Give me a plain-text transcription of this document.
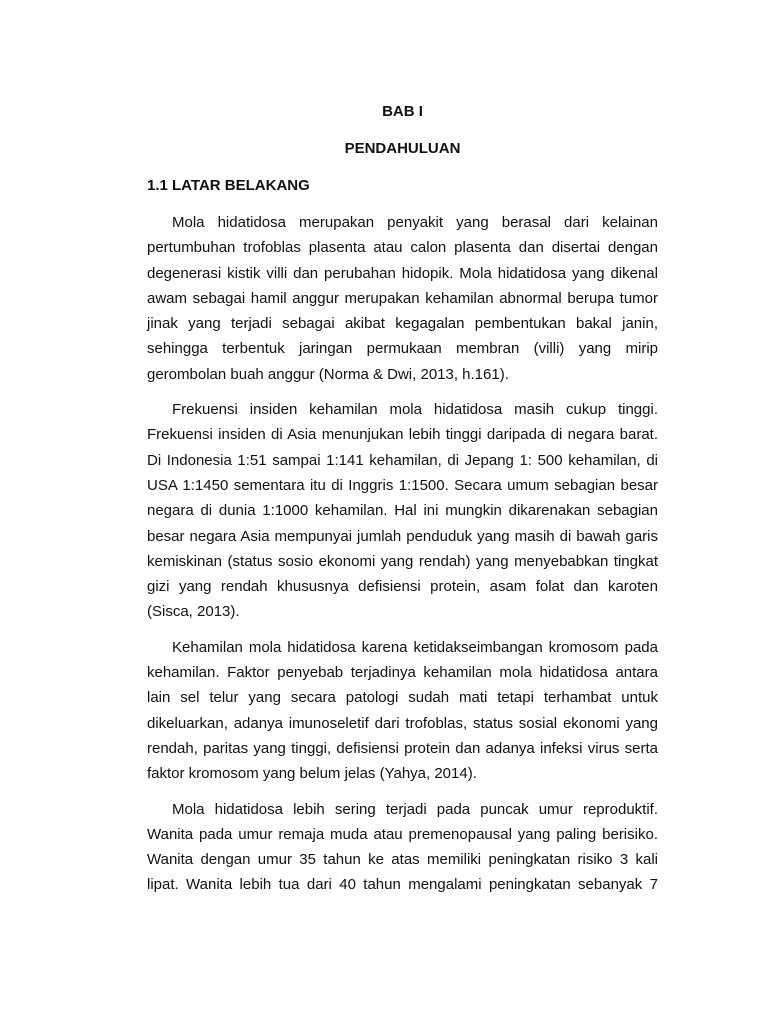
BAB I

PENDAHULUAN

1.1 LATAR BELAKANG

Mola hidatidosa merupakan penyakit yang berasal dari kelainan
pertumbuhan trofoblas plasenta atau calon plasenta dan disertai dengan
degenerasi kistik villi dan perubahan hidopik. Mola hidatidosa yang dikenal
awam sebagai hamil anggur merupakan kehamilan abnormal berupa tumor
jinak yang terjadi sebagai akibat kegagalan pembentukan bakal janin,
sehingga terbentuk jaringan permukaan membran (villi) yang mirip
gerombolan buah anggur (Norma & Dwi, 2013, h.161).
Frekuensi insiden kehamilan mola hidatidosa masih cukup tinggi.
Frekuensi insiden di Asia menunjukan lebih tinggi daripada di negara barat.
Di Indonesia 1:51 sampai 1:141 kehamilan, di Jepang 1: 500 kehamilan, di
USA 1:1450 sementara itu di Inggris 1:1500. Secara umum sebagian besar
negara di dunia 1:1000 kehamilan. Hal ini mungkin dikarenakan sebagian
besar negara Asia mempunyai jumlah penduduk yang masih di bawah garis
kemiskinan (status sosio ekonomi yang rendah) yang menyebabkan tingkat
gizi yang rendah khususnya defisiensi protein, asam folat dan karoten
(Sisca, 2013).
Kehamilan mola hidatidosa karena ketidakseimbangan kromosom pada
kehamilan. Faktor penyebab terjadinya kehamilan mola hidatidosa antara
lain sel telur yang secara patologi sudah mati tetapi terhambat untuk
dikeluarkan, adanya imunoseletif dari trofoblas, status sosial ekonomi yang
rendah, paritas yang tinggi, defisiensi protein dan adanya infeksi virus serta
faktor kromosom yang belum jelas (Yahya, 2014).
Mola hidatidosa lebih sering terjadi pada puncak umur reproduktif.
Wanita pada umur remaja muda atau premenopausal yang paling berisiko.
Wanita dengan umur 35 tahun ke atas memiliki peningkatan risiko 3 kali
lipat. Wanita lebih tua dari 40 tahun mengalami peningkatan sebanyak 7
